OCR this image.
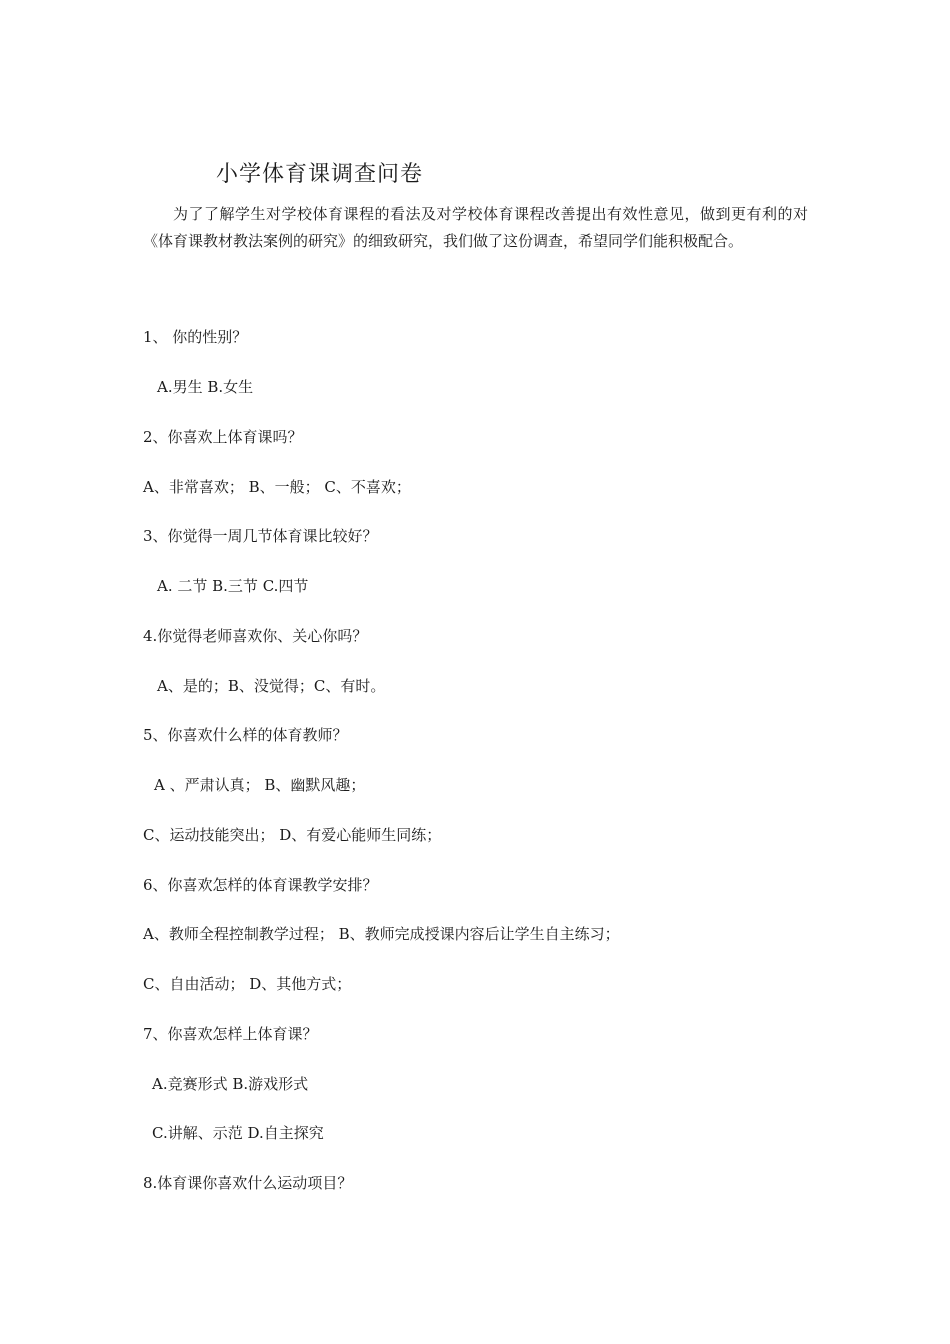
小学体育课调查问卷
为了了解学生对学校体育课程的看法及对学校体育课程改善提出有效性意见，做到更有利的对《体育课教材教法案例的研究》的细致研究，我们做了这份调查，希望同学们能积极配合。
1、 你的性别？
A.男生 B.女生
2、你喜欢上体育课吗？
A、非常喜欢； B、一般； C、不喜欢；
3、你觉得一周几节体育课比较好？
A. 二节 B.三节 C.四节
4.你觉得老师喜欢你、关心你吗？
A、是的；B、没觉得；C、有时。
5、你喜欢什么样的体育教师？
A 、严肃认真； B、幽默风趣；
C、运动技能突出； D、有爱心能师生同练；
6、你喜欢怎样的体育课教学安排？
A、教师全程控制教学过程； B、教师完成授课内容后让学生自主练习；
C、自由活动； D、其他方式；
7、你喜欢怎样上体育课？
A.竞赛形式 B.游戏形式
C.讲解、示范 D.自主探究
8.体育课你喜欢什么运动项目？
